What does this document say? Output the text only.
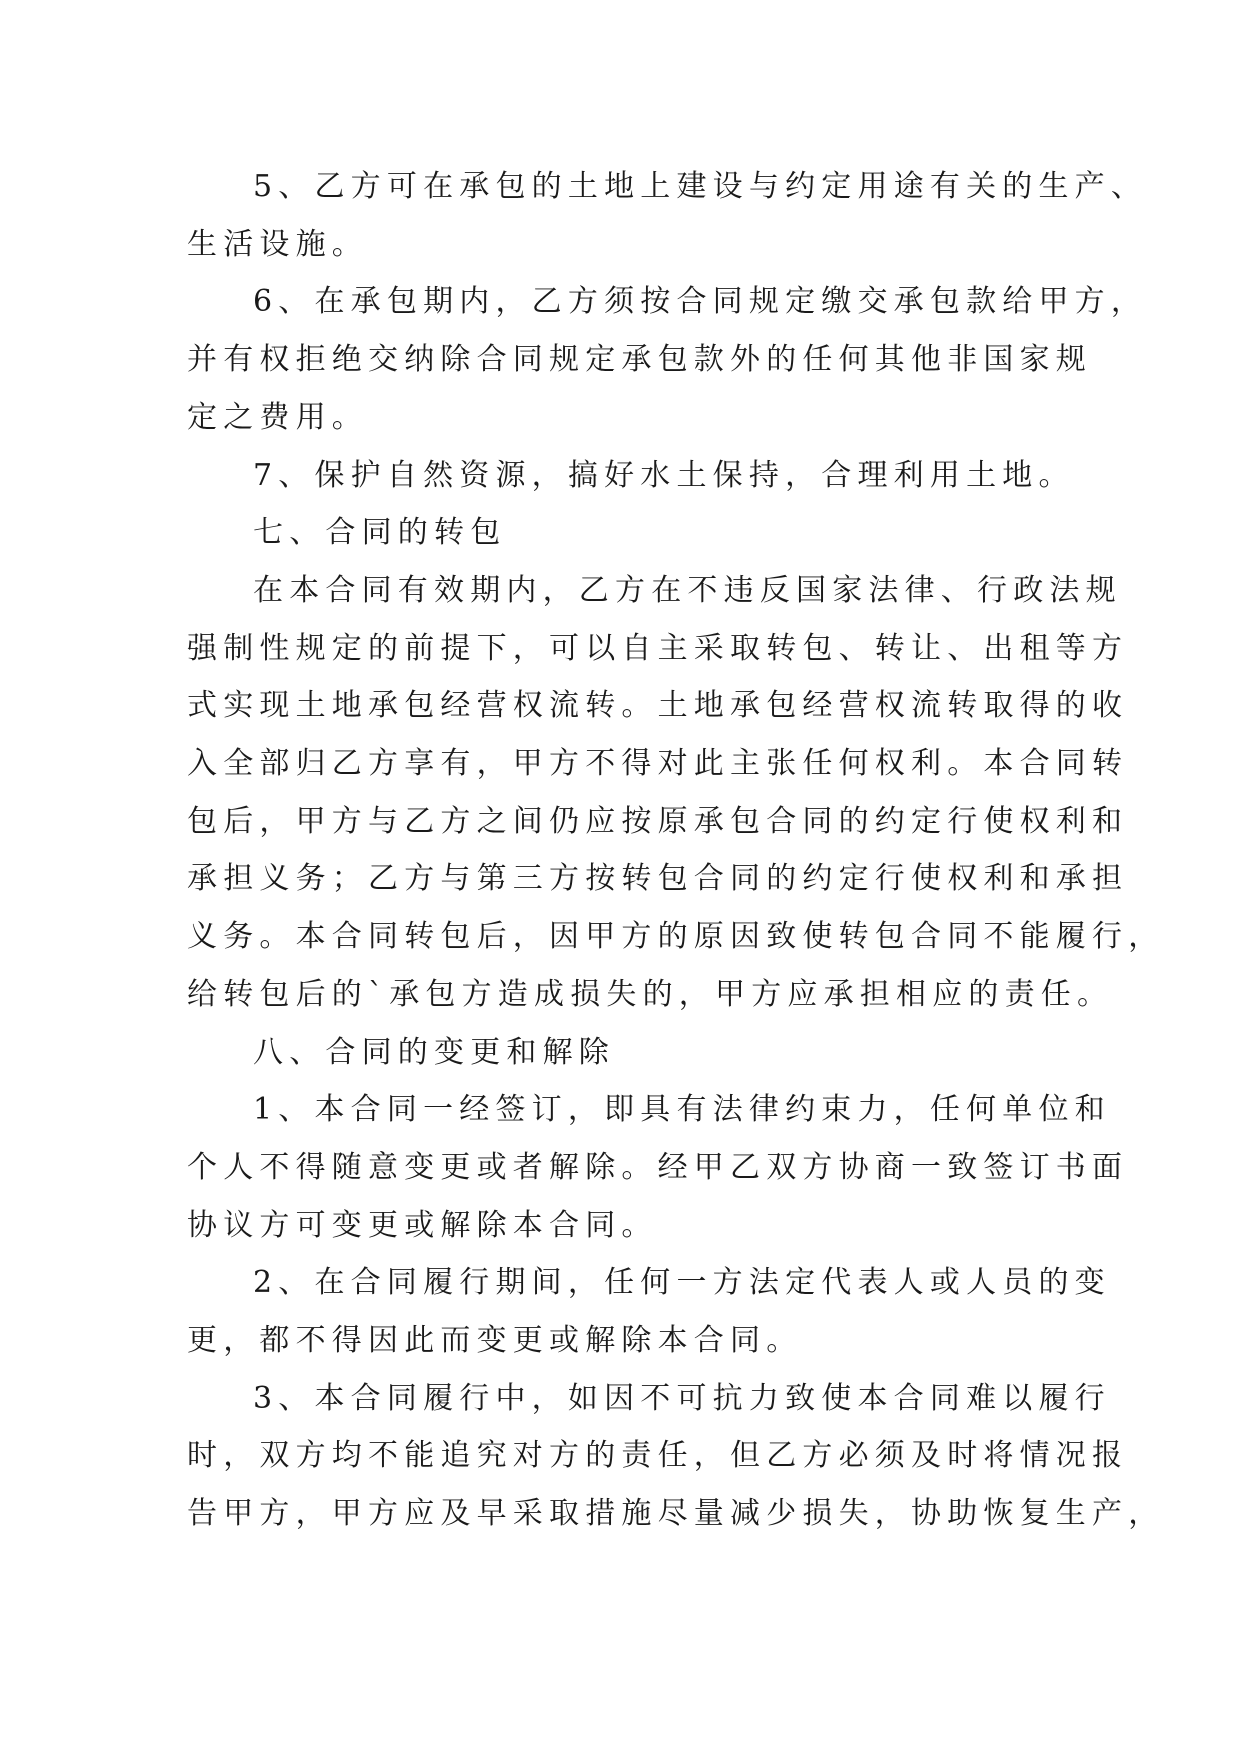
5、乙方可在承包的土地上建设与约定用途有关的生产、

生活设施。

6、在承包期内，乙方须按合同规定缴交承包款给甲方，

并有权拒绝交纳除合同规定承包款外的任何其他非国家规

定之费用。

7、保护自然资源，搞好水土保持，合理利用土地。

七、合同的转包

在本合同有效期内，乙方在不违反国家法律、行政法规

强制性规定的前提下，可以自主采取转包、转让、出租等方

式实现土地承包经营权流转。土地承包经营权流转取得的收

入全部归乙方享有，甲方不得对此主张任何权利。本合同转

包后，甲方与乙方之间仍应按原承包合同的约定行使权利和

承担义务；乙方与第三方按转包合同的约定行使权利和承担

义务。本合同转包后，因甲方的原因致使转包合同不能履行，

给转包后的`承包方造成损失的，甲方应承担相应的责任。

八、合同的变更和解除

1、本合同一经签订，即具有法律约束力，任何单位和

个人不得随意变更或者解除。经甲乙双方协商一致签订书面

协议方可变更或解除本合同。

2、在合同履行期间，任何一方法定代表人或人员的变

更，都不得因此而变更或解除本合同。

3、本合同履行中，如因不可抗力致使本合同难以履行

时，双方均不能追究对方的责任，但乙方必须及时将情况报

告甲方，甲方应及早采取措施尽量减少损失，协助恢复生产，
